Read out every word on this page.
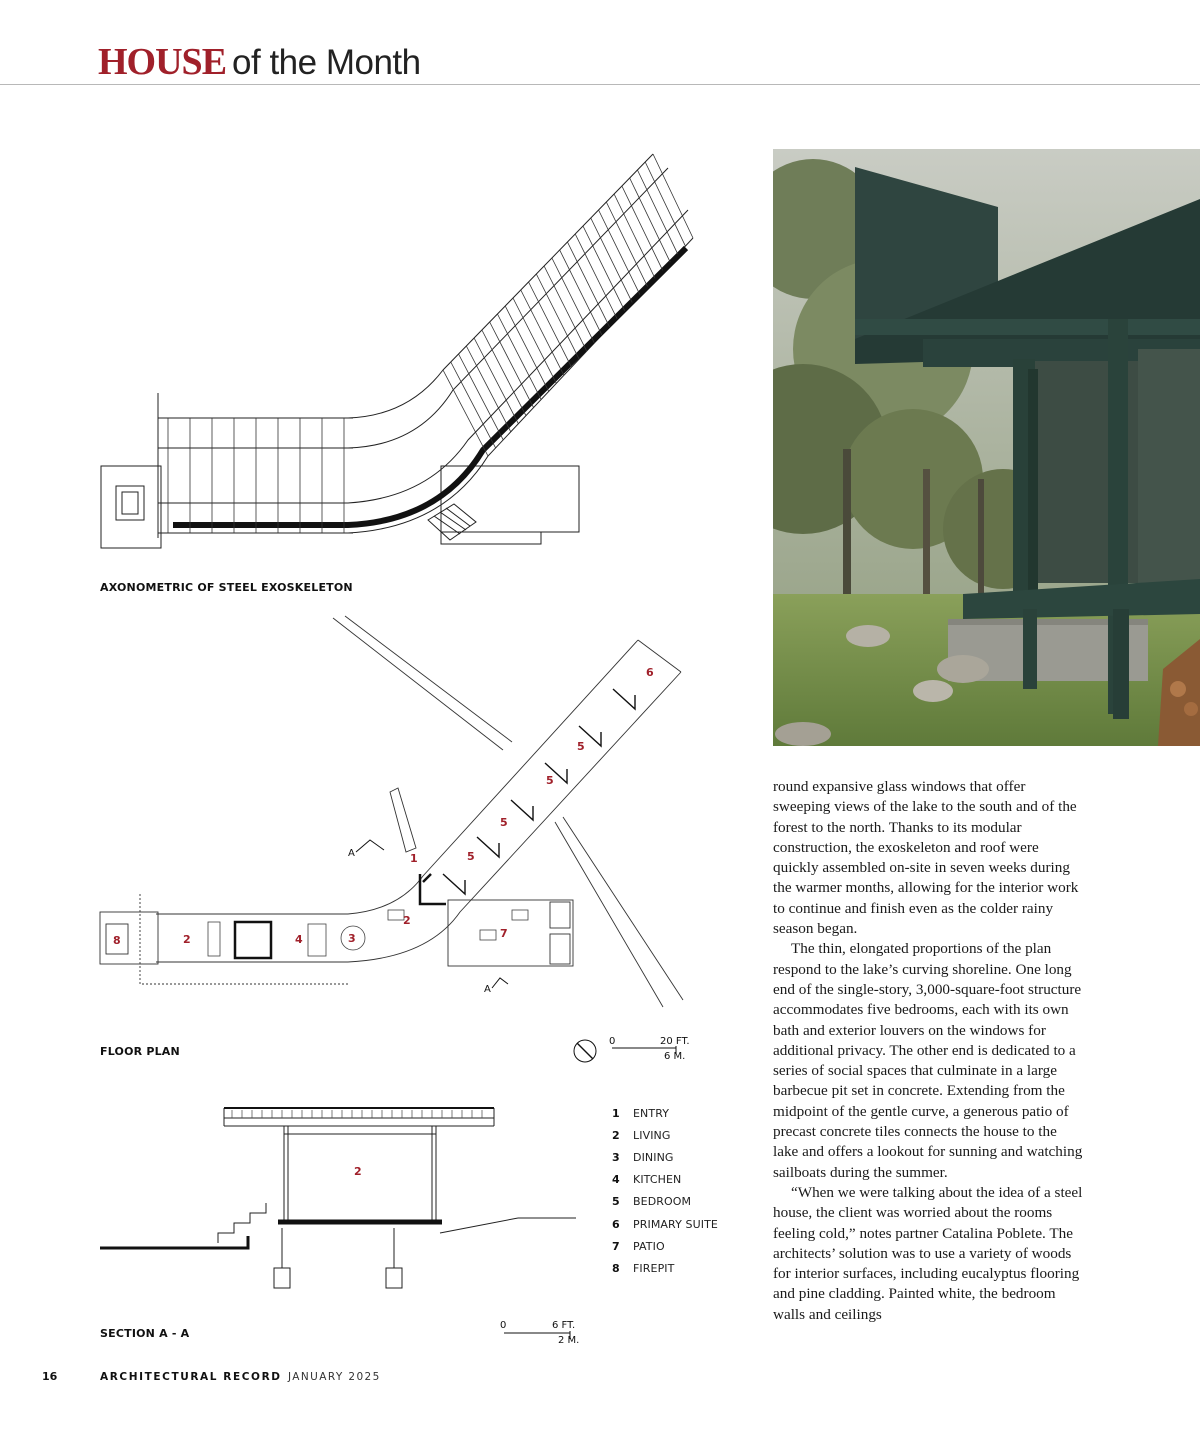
HOUSE of the Month
AXONOMETRIC OF STEEL EXOSKELETON
1
2
2
3
4
5
5
5
5
6
7
8
A
A
FLOOR PLAN
0	20 FT.
6 M.
2
SECTION A - A
0	6 FT.
2 M.
1	ENTRY
2	LIVING
3	DINING
4	KITCHEN
5	BEDROOM
6	PRIMARY SUITE
7	PATIO
8	FIREPIT

round expansive glass windows that offer sweeping views of the lake to the south and of the forest to the north. Thanks to its modular construction, the exoskeleton and roof were quickly assembled on-site in seven weeks during the warmer months, allowing for the interior work to continue and finish even as the colder rainy season began.

The thin, elongated proportions of the plan respond to the lake’s curving shoreline. One long end of the single-story, 3,000-square-foot structure accommodates five bedrooms, each with its own bath and exterior louvers on the windows for additional privacy. The other end is dedicated to a series of social spaces that culminate in a large barbecue pit set in concrete. Extending from the midpoint of the gentle curve, a generous patio of precast concrete tiles connects the house to the lake and offers a lookout for sunning and watching sailboats during the summer.

“When we were talking about the idea of a steel house, the client was worried about the rooms feeling cold,” notes partner Catalina Poblete. The architects’ solution was to use a variety of woods for interior surfaces, including eucalyptus flooring and pine cladding. Painted white, the bedroom walls and ceilings

16	ARCHITECTURAL RECORD JANUARY 2025
